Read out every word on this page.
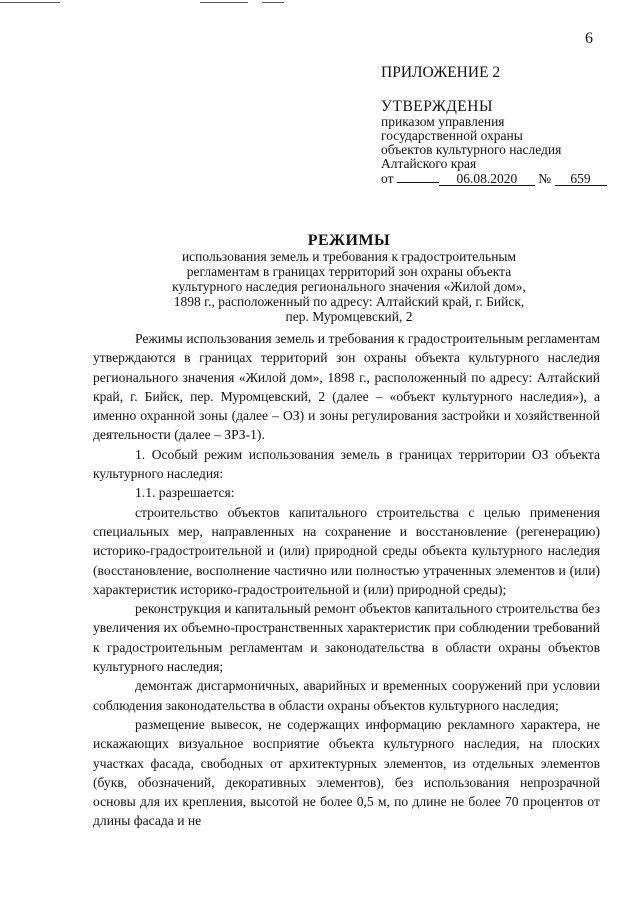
6
ПРИЛОЖЕНИЕ 2
УТВЕРЖДЕНЫ
приказом управления
государственной охраны
объектов культурного наследия
Алтайского края
от	06.08.2020 № 659
РЕЖИМЫ
использования земель и требования к градостроительным
регламентам в границах территорий зон охраны объекта
культурного наследия регионального значения «Жилой дом»,
1898 г., расположенный по адресу: Алтайский край, г. Бийск,
пер. Муромцевский, 2

Режимы использования земель и требования к градостроительным регламентам утверждаются в границах территорий зон охраны объекта культурного наследия регионального значения «Жилой дом», 1898 г., расположенный по адресу: Алтайский край, г. Бийск, пер. Муромцевский, 2 (далее – «объект культурного наследия»), а именно охранной зоны (далее – ОЗ) и зоны регулирования застройки и хозяйственной деятельности (далее – ЗРЗ-1).

1. Особый режим использования земель в границах территории ОЗ объекта культурного наследия:

1.1. разрешается:

строительство объектов капитального строительства с целью применения специальных мер, направленных на сохранение и восстановление (регенерацию) историко-градостроительной и (или) природной среды объекта культурного наследия (восстановление, восполнение частично или полностью утраченных элементов и (или) характеристик историко-градостроительной и (или) природной среды);

реконструкция и капитальный ремонт объектов капитального строительства без увеличения их объемно-пространственных характеристик при соблюдении требований к градостроительным регламентам и законодательства в области охраны объектов культурного наследия;

демонтаж дисгармоничных, аварийных и временных сооружений при условии соблюдения законодательства в области охраны объектов культурного наследия;

размещение вывесок, не содержащих информацию рекламного характера, не искажающих визуальное восприятие объекта культурного наследия, на плоских участках фасада, свободных от архитектурных элементов, из отдельных элементов (букв, обозначений, декоративных элементов), без использования непрозрачной основы для их крепления, высотой не более 0,5 м, по длине не более 70 процентов от длины фасада и не
